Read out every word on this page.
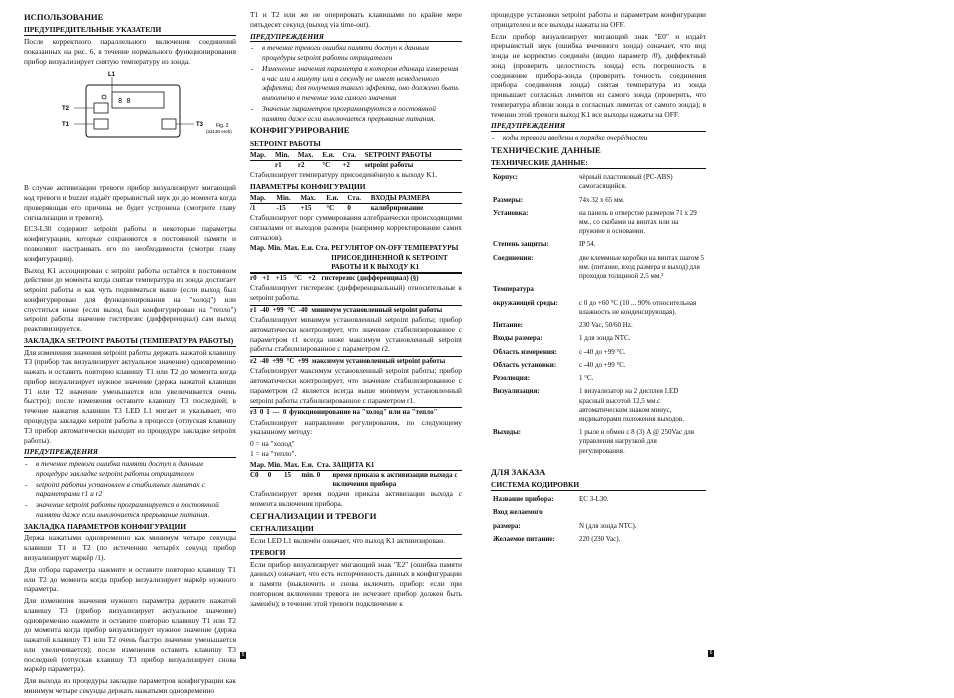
ИСПОЛЬЗОВАНИЕ
ПРЕДУПРЕДИТЕЛЬНЫЕ УКАЗАТЕЛИ

После корректного параллельного включения соединений показанных на рис. 6, в течение нормального функционирования прибор визуализирует снятую температуру из зонда.

8 8
L1
T2
T1	T3	Fig. 2
(a3130 ereb)

В случае активизации тревоги прибор визуализирует мигающий код тревоги и buzzer издаёт прерывистый звук до до момента когда проверяющая его причина не будет устронена (смотрите главу сигнализации и тревоги).

EC3-L30 содержит setpoint работы и некоторые параметры конфигурации, которые сохраняются в постоянной памяти и позволяют настраивать его по необходимости (смотри главу конфигурации).

Выход K1 ассоциирован с setpoint работы остаётся в постоянном действии до момента когда снятая температура из зонда достигает setpoint работы и как чуть подниматься выше (если выход был конфигурирован для функционирования на "холод") или спуститься ниже (если выход был конфигурирован на "тепло") setpoint работы значение гистерезис (дифференциал) сам выход реактивизируется.

ЗАКЛАДКА SETPOINT РАБОТЫ (ТЕМПЕРАТУРА РАБОТЫ)

Для изменения значения setpoint работы держать нажатой клавишу T3 (прибор так визуализирует актуальное значение) одновременно нажать и оставить повторно клавишу T1 или T2 до момента когда прибор визуализирует нужное значение (держа нажатой клавиши T1 или T2 значение уменьшается или увеличивается очень быстро); после изменения оставите клавишу T3 последней; в течение нажатия клавиши T3 LED L1 мигает и указывает, что процедура закладке setpoint работы в процессе (отпуская клавишу T3 прибор автоматически выходит из процедуре закладке setpoint работы).

ПРЕДУПРЕЖДЕНИЯ
- в течение тревоги ошибка памяти доступ к данным процедуре закладке setpoint работы отрицателен
- setpoint работы установлен в стабильных лимитах с параметрами r1 и r2
- значение setpoint работы программируется в постоянной памяти даже если выключается прерывание питания.
ЗАКЛАДКА ПАРАМЕТРОВ КОНФИГУРАЦИИ

Держа нажатыми одновременно как минимум четыре секунды клавиши T1 и T2 (по истечению четырёх секунд прибор визуализирует маркёр /1).

Для отбора параметра нажмите и оставите повторно клавишу T1 или T2 до момента когда прибор визуализирует маркёр нужного параметра.

Для изменения значения нужного параметра держите нажатой клавишу T3 (прибор визуализирует актуальное значение) одновременно нажмите и оставите повторно клавишу T1 или T2 до момента когда прибор визуализирует нужное значение (держа нажатой клавишу T1 или T2 очень быстро значение уменьшается или увеличивается); после изменения оставить клавишу T3 последней (отпуская клавишу T3 прибор визуализирует снова маркёр параметра).

Для выхода из процедуры закладке параметров конфигурации как минимум четыре секунды держать нажатыми одновременно

T1 и T2 или же не оперировать клавишами по крайне мере пятьдесят секунд (выход via time-out).

ПРЕДУПРЕЖДЕНИЯ
- в течение тревоги ошибка памяти доступ к данным процедуры setpoint работы отрицателен
- Изменение значения параметра в котором единица измерения в час или в минуту или в секунду не имеет немедленного эффекта; для получения такого эффекта, оно должено быть выполнено в течение зола самого значения
- Значение параметров программируются в постоянной памяти даже если выключается прерывание питания.
КОНФИГУРИРОВАНИЕ
SETPOINT РАБОТЫ
Мар.	Min.	Max.	Е.и.	Ста.	SETPOINT РАБОТЫ
	r1	r2	°C	+2	setpoint работы

Стабилизирует температуру присоединённую к выходу K1.

ПАРАМЕТРЫ КОНФИГУРАЦИИ
Мар.	Min.	Max.	Е.и.	Ста.	ВХОДЫ РАЗМЕРА
/1	-15	+15	°C	0	калибрирование

Стабилизирует порг суммирования алгебраически происходящими сигналами от выходов размера (например корректирование самих сигналов).

Мар.	Min.	Max.	Е.и.	Ста.	РЕГУЛЯТОР ON-OFF ТЕМПЕРАТУРЫ ПРИСОЕДИНЕННОЙ К SETPOINT РАБОТЫ И К ВЫХОДУ K1
r0	+1	+15	°C	+2	гистерезис (дифференциал) (§)

Стабилизирует гистерезис (дифференциальный) относительные к setpoint работы.

r1	-40	+99	°C	-40	минимум установленный setpoint работы

Стабилизирует минимум установленный setpoint работы; прибор автоматически контролирует, что значение стабилизированное с параметром r1 всегда ниже максимум установленный setpoint работы стабилизированное с параметром r2.

r2	-40	+99	°C	+99	максимум установленный setpoint работы

Стабилизирует максимум установленный setpoint работы; прибор автоматически контролирует, что значение стабилизированное с параметром r2 является всегда выше минимум установленный setpoint работы стабилизированное с параметром r1.

r3	0	1	---	0	функционирование на "холод" или на "тепло"

Стабилизирует направление регулирования, по следующему указанному методу:

0 = на "холод"

1 = на "тепло".

Мар.	Min.	Max.	Е.и.	Ста.	ЗАЩИТА K1
C0	0	15	min.	0	время приказа к активизации выхода с включения прибора

Стабилизирует время подачи приказа активизации выхода с момента включения прибора.

СЕГНАЛИЗАЦИИ И ТРЕВОГИ
СЕГНАЛИЗАЦИИ

Если LED L1 включён означает, что выход K1 активизирован.

ТРЕВОГИ

Если прибор визуализирует мигающий знак "E2" (ошибка памяти данных) означает, что есть испорченность данных в конфигурации в памяти (выключить и снова включить прибор: если при повторном включении тревога не исчезнет прибор должен быть заменён); в течение этой тревоги подключение к

процедуре установки setpoint работы и параметрам конфигурации отрицателен и все выходы нажаты на OFF.

Если прибор визуализирует мигающий знак "E0" и издаёт прерывистый звук (ошибка вчечнного зонда) означает, что вид зонда не корректно соединён (видио параметр /0), диффектный зонд (проверить целостность зонда) есть погрешность в соединение прибора-зонда (проверить точность соединения прибора соединения зонда) снятая температура из зонда привышает согласных лимитов из самого зонда (проверить, что температура вблизи зонда в согласных лимитах от самого зонда); в течении этой тревоги выход K1 все выходы нажаты на OFF.

ПРЕДУПРЕЖДЕНИЯ
- коды тревоги введены в порядке очерёдности
ТЕХНИЧЕСКИЕ ДАННЫЕ
ТЕХНИЧЕСКИЕ ДАННЫЕ:
Корпус:	чёрный пластиковый (PC-ABS) самогасящийся.
Размеры:	74x 32 x 65 мм.
Установка:	на панель в отверстие размером 71 x 29 мм., со скобами на винтах или на пружине в основании.
Степень защиты:	IP 54.
Соединения:	две клеммные коробки на винтах шагом 5 мм. (питание, вход размера и выход) для проходов толщиной 2,5 мм.²
Температура	
окружающей среды:	с 0 до +60 °C (10 ... 90% относительная влажность не конденсирующая).
Питание:	230 Vac, 50/60 Hz.
Входы размера:	1 для зонда NTC.
Область измерения:	с -40 до +99 °C.
Область установки:	с -40 до +99 °C.
Резолюция:	1 °C.
Визуализация:	1 визуализатор на 2 дисплея LED красный высотой 12,5 мм.с автоматическим знаком минус, индикаторами положения выходов.
Выходы:	1 рыле и обмен с 8 (3) A @ 250Vac для управления нагрузкой для регулирования.
ДЛЯ ЗАКАЗА
СИСТЕМА КОДИРОВКИ
Название прибора:	EC 3-L30.
Вход желаемого	
размера:	N (для зонда NTC).
Желаемое питание:	220 (230 Vac).
5	6
